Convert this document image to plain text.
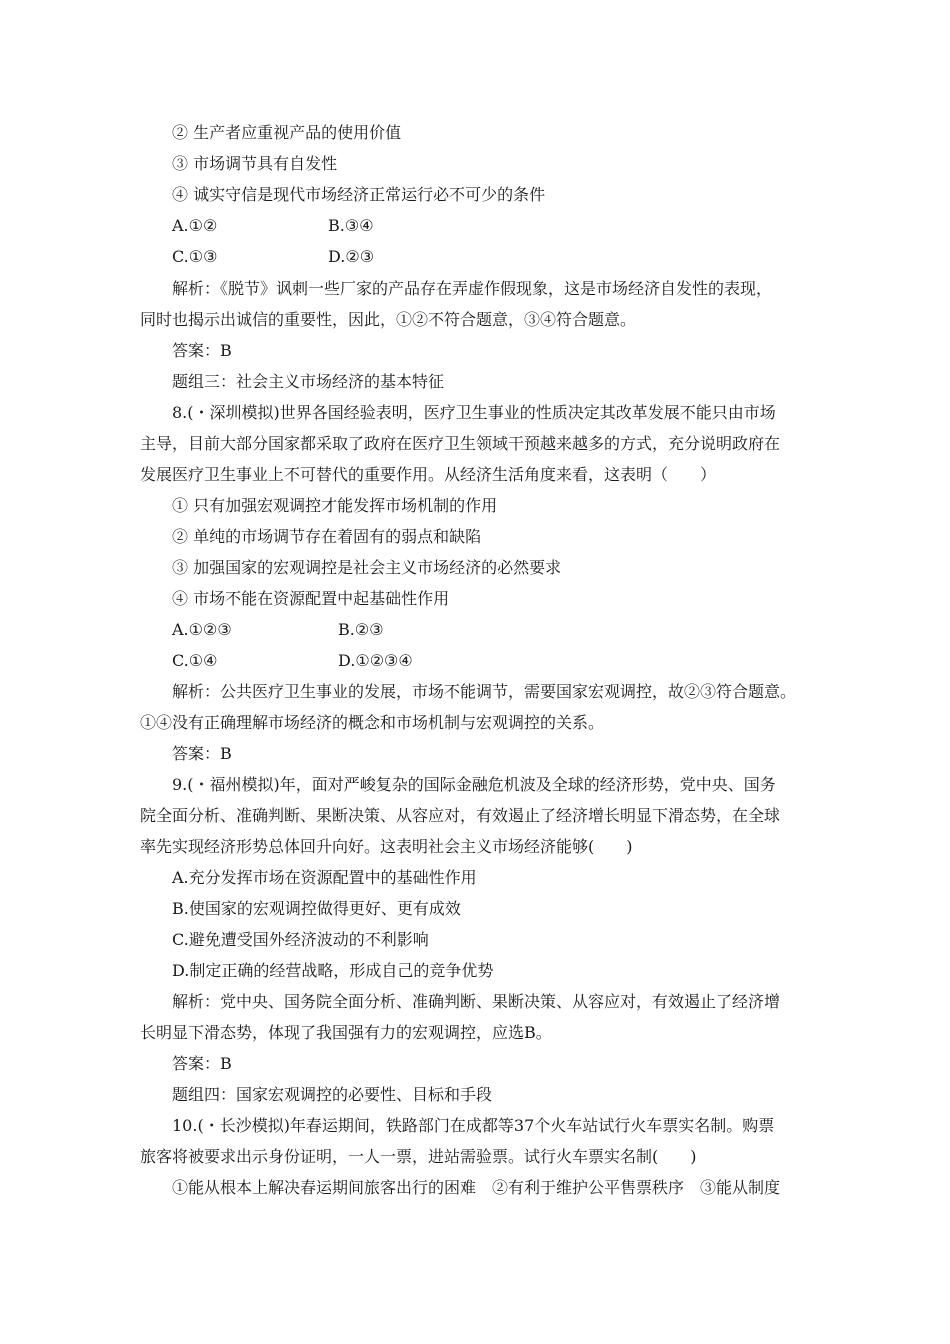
② 生产者应重视产品的使用价值
③ 市场调节具有自发性
④ 诚实守信是现代市场经济正常运行必不可少的条件
A.①②	B.③④
C.①③	D.②③
解析：《脱节》讽刺一些厂家的产品存在弄虚作假现象，这是市场经济自发性的表现，
同时也揭示出诚信的重要性，因此，①②不符合题意，③④符合题意。
答案：B
题组三：社会主义市场经济的基本特征
8.(・深圳模拟)世界各国经验表明，医疗卫生事业的性质决定其改革发展不能只由市场
主导，目前大部分国家都采取了政府在医疗卫生领域干预越来越多的方式，充分说明政府在
发展医疗卫生事业上不可替代的重要作用。从经济生活角度来看，这表明（　　）
① 只有加强宏观调控才能发挥市场机制的作用
② 单纯的市场调节存在着固有的弱点和缺陷
③ 加强国家的宏观调控是社会主义市场经济的必然要求
④ 市场不能在资源配置中起基础性作用
A.①②③	B.②③
C.①④	D.①②③④
解析：公共医疗卫生事业的发展，市场不能调节，需要国家宏观调控，故②③符合题意。
①④没有正确理解市场经济的概念和市场机制与宏观调控的关系。
答案：B
9.(・福州模拟)年，面对严峻复杂的国际金融危机波及全球的经济形势，党中央、国务
院全面分析、准确判断、果断决策、从容应对，有效遏止了经济增长明显下滑态势，在全球
率先实现经济形势总体回升向好。这表明社会主义市场经济能够(　　)
A.充分发挥市场在资源配置中的基础性作用
B.使国家的宏观调控做得更好、更有成效
C.避免遭受国外经济波动的不利影响
D.制定正确的经营战略，形成自己的竞争优势
解析：党中央、国务院全面分析、准确判断、果断决策、从容应对，有效遏止了经济增
长明显下滑态势，体现了我国强有力的宏观调控，应选B。
答案：B
题组四：国家宏观调控的必要性、目标和手段
10.(・长沙模拟)年春运期间，铁路部门在成都等37个火车站试行火车票实名制。购票
旅客将被要求出示身份证明，一人一票，进站需验票。试行火车票实名制(　　)
①能从根本上解决春运期间旅客出行的困难　②有利于维护公平售票秩序　③能从制度
